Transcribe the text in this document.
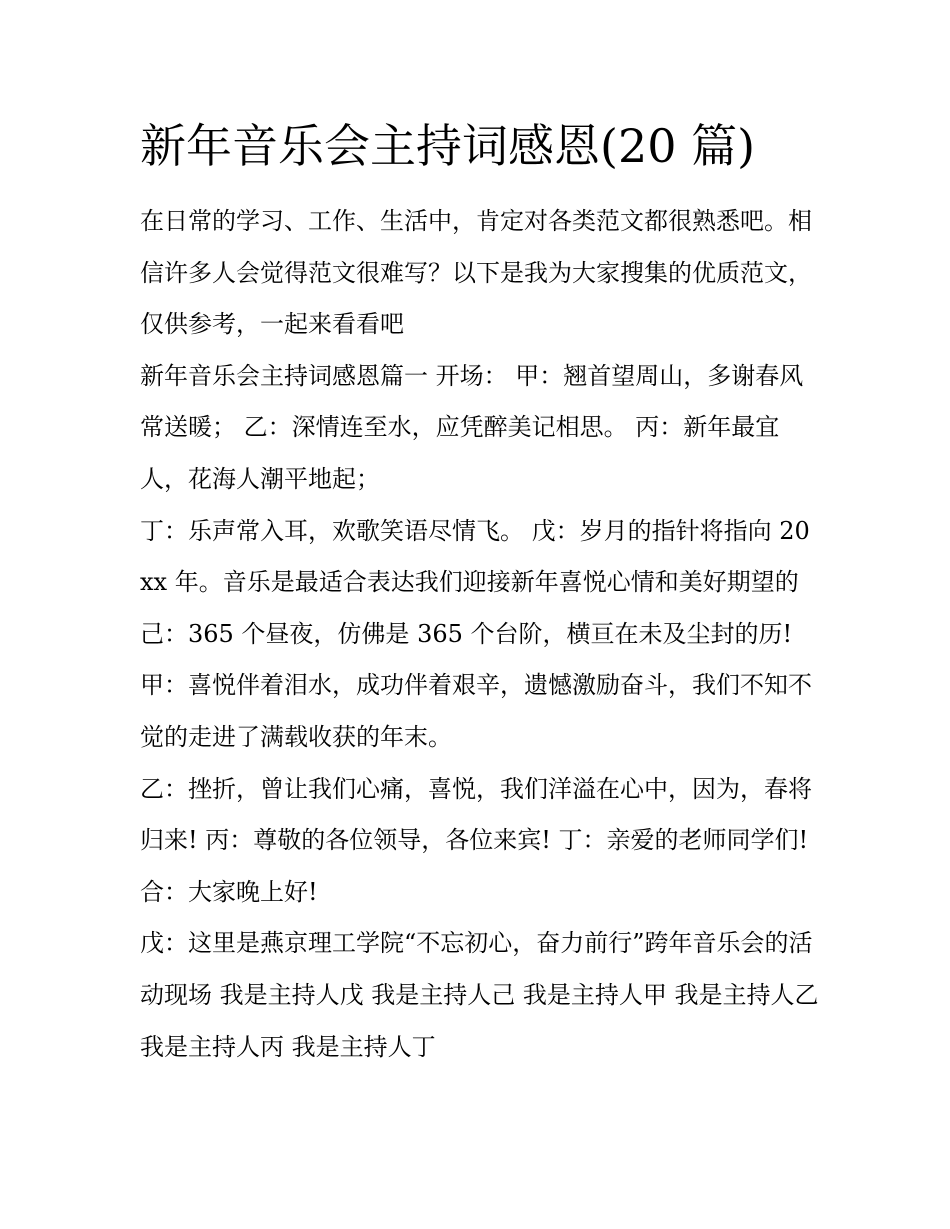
新年音乐会主持词感恩(20 篇)

在日常的学习、工作、生活中，肯定对各类范文都很熟悉吧。相信许多人会觉得范文很难写？以下是我为大家搜集的优质范文，仅供参考，一起来看看吧

新年音乐会主持词感恩篇一 开场： 甲：翘首望周山，多谢春风常送暖； 乙：深情连至水，应凭醉美记相思。 丙：新年最宜人，花海人潮平地起；

丁：乐声常入耳，欢歌笑语尽情飞。 戊：岁月的指针将指向 20xx 年。音乐是最适合表达我们迎接新年喜悦心情和美好期望的

己：365 个昼夜，仿佛是 365 个台阶，横亘在未及尘封的历!

甲：喜悦伴着泪水，成功伴着艰辛，遗憾激励奋斗，我们不知不觉的走进了满载收获的年末。

乙：挫折，曾让我们心痛，喜悦，我们洋溢在心中，因为，春将归来! 丙：尊敬的各位领导，各位来宾! 丁：亲爱的老师同学们! 合：大家晚上好!

戊：这里是燕京理工学院“不忘初心，奋力前行”跨年音乐会的活动现场 我是主持人戊 我是主持人己 我是主持人甲 我是主持人乙 我是主持人丙 我是主持人丁
